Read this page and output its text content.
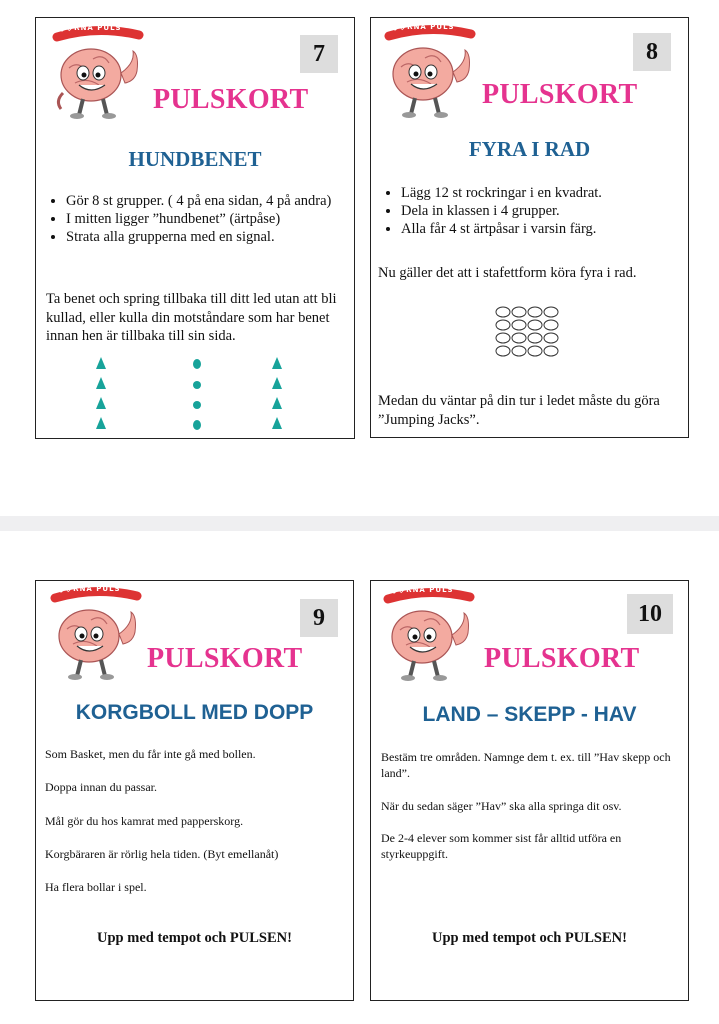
TJ�RNA PULS
7
PULSKORT
HUNDBENET
• Gör 8 st grupper. ( 4 på ena sidan, 4 på andra)
• I mitten ligger ”hundbenet” (ärtpåse)
• Strata alla grupperna med en signal.

Ta benet och spring tillbaka till ditt led utan att bli kullad, eller kulla din motståndare som har benet innan hen är tillbaka till sin sida.

TJ�RNA PULS
8
PULSKORT
FYRA I RAD
• Lägg 12 st rockringar i en kvadrat.
• Dela in klassen i 4 grupper.
• Alla får 4 st ärtpåsar i varsin färg.

Nu gäller det att i stafettform köra fyra i rad.

Medan du väntar på din tur i ledet måste du göra ”Jumping Jacks”.

TJ�RNA PULS
9
PULSKORT
KORGBOLL MED DOPP

Som Basket, men du får inte gå med bollen.

Doppa innan du passar.

Mål gör du hos kamrat med papperskorg.

Korgbäraren är rörlig hela tiden. (Byt emellanåt)

Ha flera bollar i spel.

Upp med tempot och PULSEN!
TJ�RNA PULS
10
PULSKORT
LAND – SKEPP - HAV

Bestäm tre områden. Namnge dem t. ex. till ”Hav skepp och land”.

När du sedan säger ”Hav” ska alla springa dit osv.

De 2-4 elever som kommer sist får alltid utföra en styrkeuppgift.

Upp med tempot och PULSEN!
